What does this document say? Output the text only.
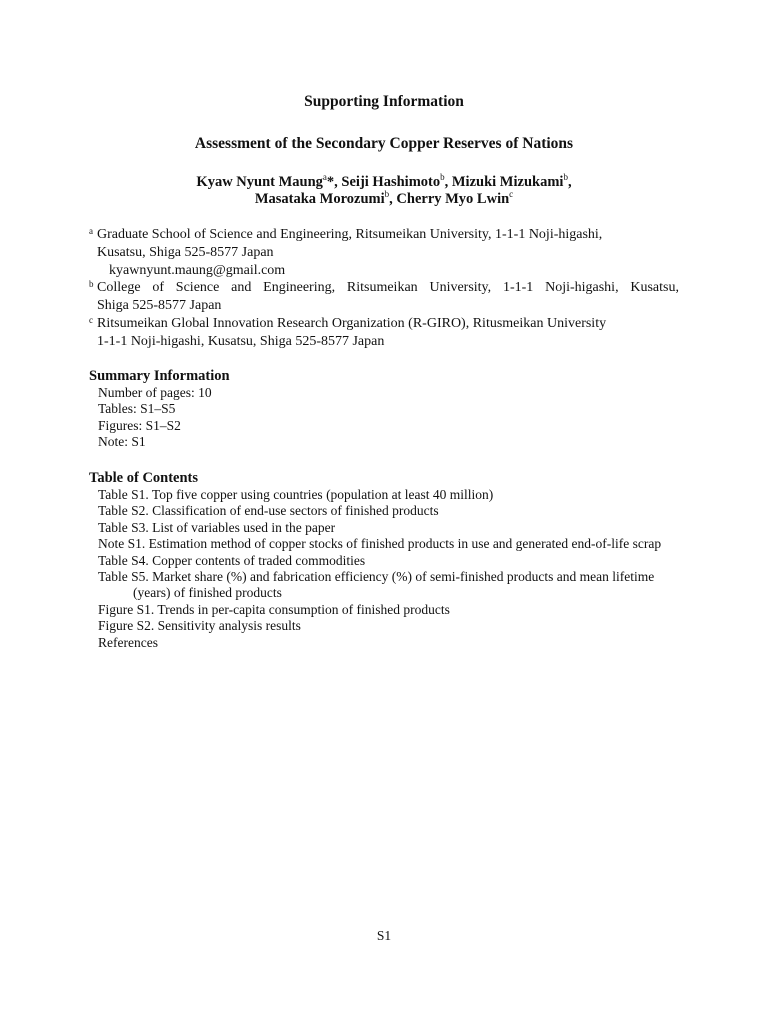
Supporting Information
Assessment of the Secondary Copper Reserves of Nations
Kyaw Nyunt Maung$^a$*, Seiji Hashimoto$^b$, Mizuki Mizukami$^b$,
Masataka Morozumi$^b$, Cherry Myo Lwin$^c$
a Graduate School of Science and Engineering, Ritsumeikan University, 1-1-1 Noji-higashi,
Kusatsu, Shiga 525-8577 Japan
kyawnyunt.maung@gmail.com
b College of Science and Engineering, Ritsumeikan University, 1-1-1 Noji-higashi, Kusatsu,
Shiga 525-8577 Japan
c Ritsumeikan Global Innovation Research Organization (R-GIRO), Ritusmeikan University
1-1-1 Noji-higashi, Kusatsu, Shiga 525-8577 Japan
Summary Information
Number of pages: 10
Tables: S1–S5
Figures: S1–S2
Note: S1
Table of Contents
Table S1. Top five copper using countries (population at least 40 million)
Table S2. Classification of end-use sectors of finished products
Table S3. List of variables used in the paper
Note S1. Estimation method of copper stocks of finished products in use and generated end-of-life scrap
Table S4. Copper contents of traded commodities
Table S5. Market share (%) and fabrication efficiency (%) of semi-finished products and mean lifetime
(years) of finished products
Figure S1. Trends in per-capita consumption of finished products
Figure S2. Sensitivity analysis results
References
S1
